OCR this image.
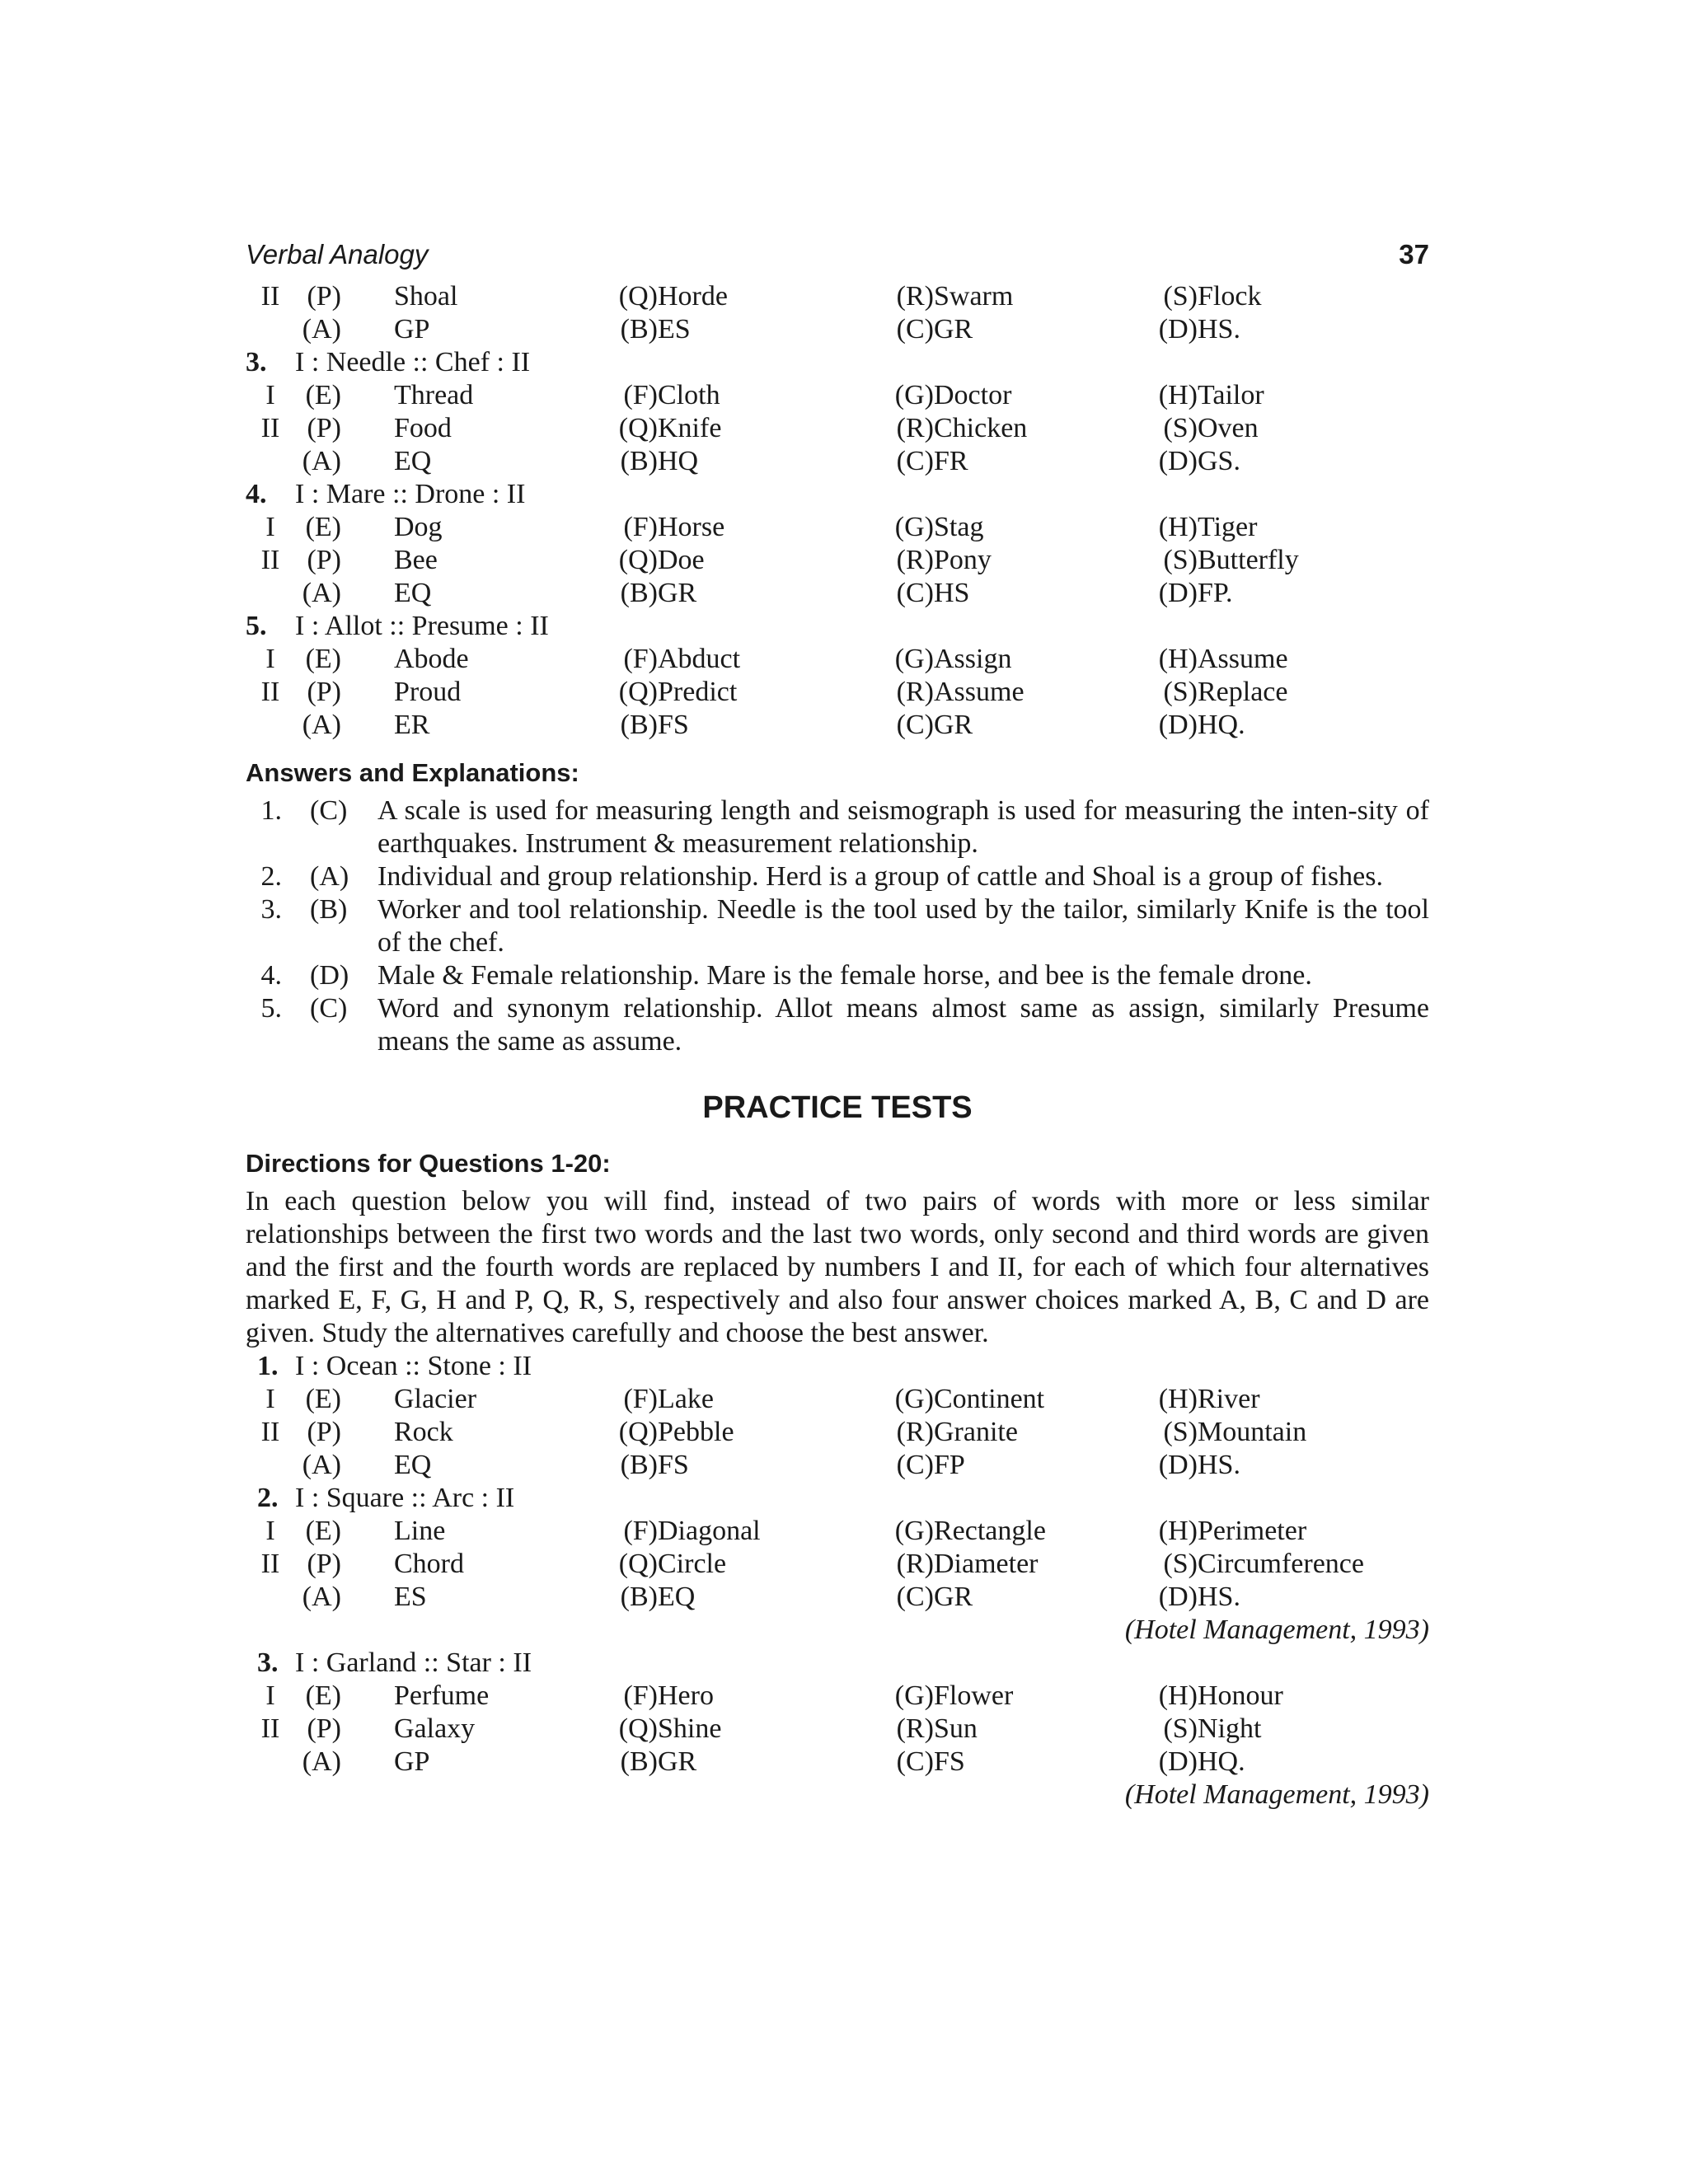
Verbal Analogy	37
II (P) Shoal	(Q) Horde	(R) Swarm	(S) Flock
(A) GP	(B) ES	(C) GR	(D) HS.
3. I : Needle :: Chef : II
I	(E) Thread	(F) Cloth	(G) Doctor	(H) Tailor
II (P) Food	(Q) Knife	(R) Chicken	(S) Oven
(A) EQ	(B) HQ	(C) FR	(D) GS.
4. I : Mare :: Drone : II
I	(E) Dog	(F) Horse	(G) Stag	(H) Tiger
II (P) Bee	(Q) Doe	(R) Pony	(S) Butterfly
(A) EQ	(B) GR	(C) HS	(D) FP.
5. I : Allot :: Presume : II
I	(E) Abode	(F) Abduct	(G) Assign	(H) Assume
II (P) Proud	(Q) Predict	(R) Assume	(S) Replace
(A) ER	(B) FS	(C) GR	(D) HQ.
Answers and Explanations:
1. (C) A scale is used for measuring length and seismograph is used for measuring the inten-sity of earthquakes. Instrument & measurement relationship.
2. (A) Individual and group relationship. Herd is a group of cattle and Shoal is a group of fishes.
3. (B) Worker and tool relationship. Needle is the tool used by the tailor, similarly Knife is the tool of the chef.
4. (D) Male & Female relationship. Mare is the female horse, and bee is the female drone.
5. (C) Word and synonym relationship. Allot means almost same as assign, similarly Presume means the same as assume.
PRACTICE TESTS
Directions for Questions 1-20:
In each question below you will find, instead of two pairs of words with more or less similar relationships between the first two words and the last two words, only second and third words are given and the first and the fourth words are replaced by numbers I and II, for each of which four alternatives marked E, F, G, H and P, Q, R, S, respectively and also four answer choices marked A, B, C and D are given. Study the alternatives carefully and choose the best answer.
1. I : Ocean :: Stone : II
I	(E) Glacier	(F) Lake	(G) Continent	(H) River
II (P) Rock	(Q) Pebble	(R) Granite	(S) Mountain
(A) EQ	(B) FS	(C) FP	(D) HS.
2. I : Square :: Arc : II
I	(E) Line	(F) Diagonal	(G) Rectangle	(H) Perimeter
II (P) Chord	(Q) Circle	(R) Diameter	(S) Circumference
(A) ES	(B) EQ	(C) GR	(D) HS.
(Hotel Management, 1993)
3. I : Garland :: Star : II
I	(E) Perfume	(F) Hero	(G) Flower	(H) Honour
II (P) Galaxy	(Q) Shine	(R) Sun	(S) Night
(A) GP	(B) GR	(C) FS	(D) HQ.
(Hotel Management, 1993)
